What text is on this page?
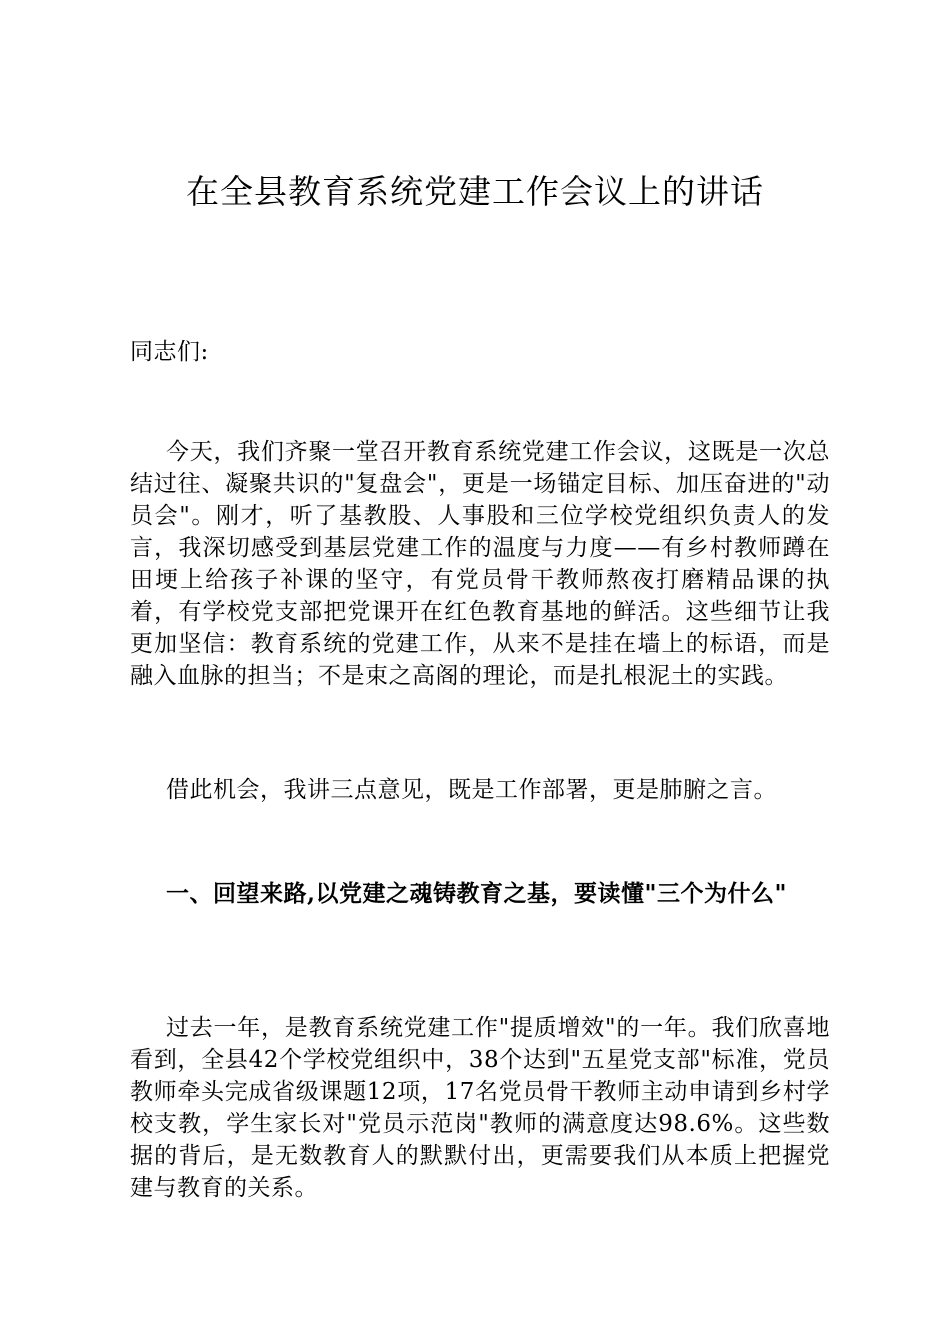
在全县教育系统党建工作会议上的讲话

同志们:

今天，我们齐聚一堂召开教育系统党建工作会议，这既是一次总结过往、凝聚共识的"复盘会"，更是一场锚定目标、加压奋进的"动员会"。刚才，听了基教股、人事股和三位学校党组织负责人的发言，我深切感受到基层党建工作的温度与力度——有乡村教师蹲在田埂上给孩子补课的坚守，有党员骨干教师熬夜打磨精品课的执着，有学校党支部把党课开在红色教育基地的鲜活。这些细节让我更加坚信：教育系统的党建工作，从来不是挂在墙上的标语，而是融入血脉的担当；不是束之高阁的理论，而是扎根泥土的实践。

借此机会，我讲三点意见，既是工作部署，更是肺腑之言。

一、回望来路,以党建之魂铸教育之基，要读懂"三个为什么"

过去一年，是教育系统党建工作"提质增效"的一年。我们欣喜地看到，全县42个学校党组织中，38个达到"五星党支部"标准，党员教师牵头完成省级课题12项，17名党员骨干教师主动申请到乡村学校支教，学生家长对"党员示范岗"教师的满意度达98.6%。这些数据的背后，是无数教育人的默默付出，更需要我们从本质上把握党建与教育的关系。
